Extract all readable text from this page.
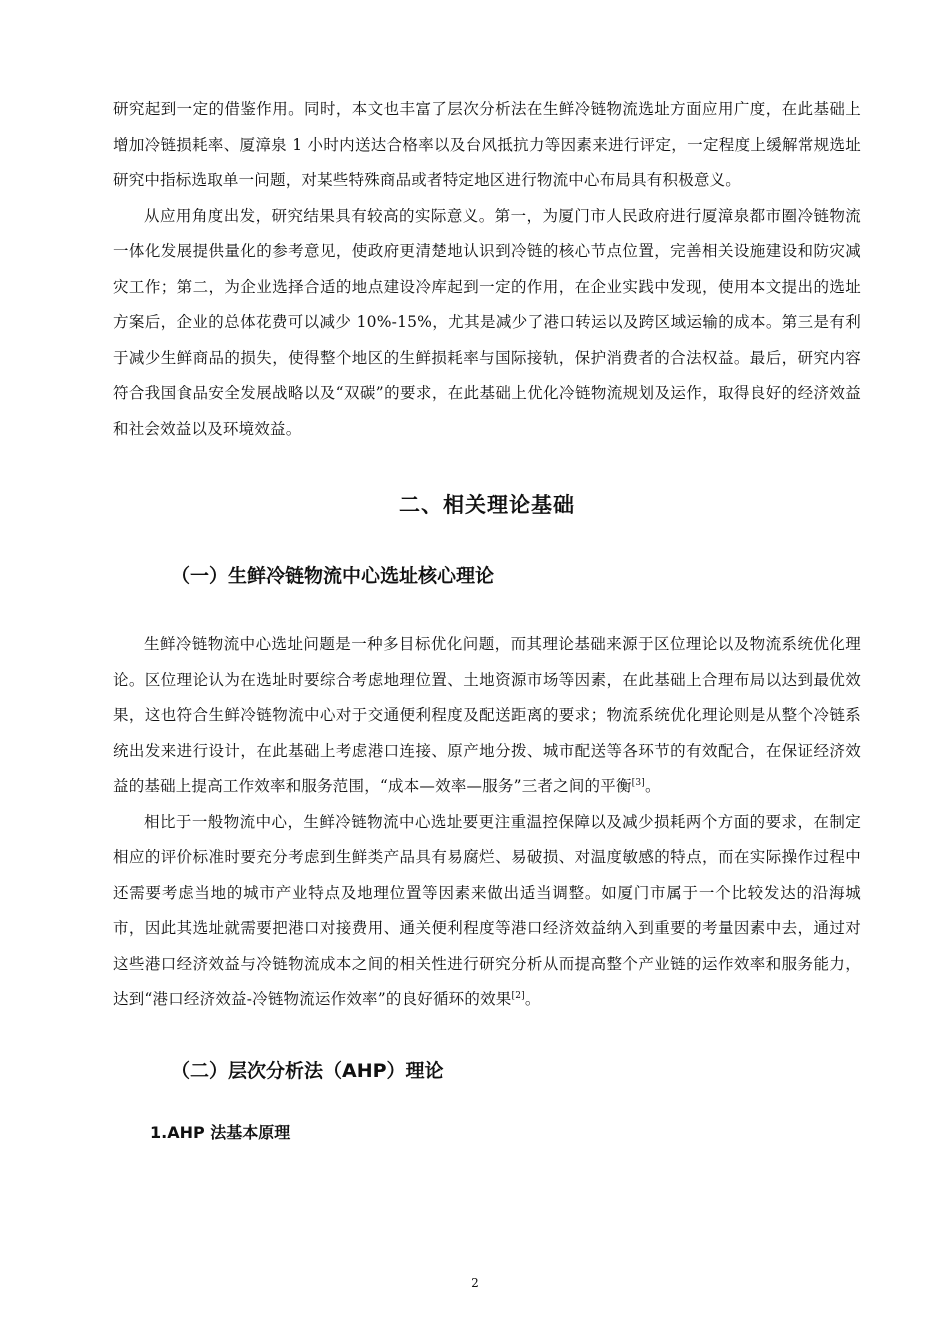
研究起到一定的借鉴作用。同时，本文也丰富了层次分析法在生鲜冷链物流选址方面应用广度，在此基础上增加冷链损耗率、厦漳泉 1 小时内送达合格率以及台风抵抗力等因素来进行评定，一定程度上缓解常规选址研究中指标选取单一问题，对某些特殊商品或者特定地区进行物流中心布局具有积极意义。

从应用角度出发，研究结果具有较高的实际意义。第一，为厦门市人民政府进行厦漳泉都市圈冷链物流一体化发展提供量化的参考意见，使政府更清楚地认识到冷链的核心节点位置，完善相关设施建设和防灾减灾工作；第二，为企业选择合适的地点建设冷库起到一定的作用，在企业实践中发现，使用本文提出的选址方案后，企业的总体花费可以减少 10%-15%，尤其是减少了港口转运以及跨区域运输的成本。第三是有利于减少生鲜商品的损失，使得整个地区的生鲜损耗率与国际接轨，保护消费者的合法权益。最后，研究内容符合我国食品安全发展战略以及“双碳”的要求，在此基础上优化冷链物流规划及运作，取得良好的经济效益和社会效益以及环境效益。

二、相关理论基础
（一）生鲜冷链物流中心选址核心理论

生鲜冷链物流中心选址问题是一种多目标优化问题，而其理论基础来源于区位理论以及物流系统优化理论。区位理论认为在选址时要综合考虑地理位置、土地资源市场等因素，在此基础上合理布局以达到最优效果，这也符合生鲜冷链物流中心对于交通便利程度及配送距离的要求；物流系统优化理论则是从整个冷链系统出发来进行设计，在此基础上考虑港口连接、原产地分拨、城市配送等各环节的有效配合，在保证经济效益的基础上提高工作效率和服务范围，“成本—效率—服务”三者之间的平衡[3]。

相比于一般物流中心，生鲜冷链物流中心选址要更注重温控保障以及减少损耗两个方面的要求，在制定相应的评价标准时要充分考虑到生鲜类产品具有易腐烂、易破损、对温度敏感的特点，而在实际操作过程中还需要考虑当地的城市产业特点及地理位置等因素来做出适当调整。如厦门市属于一个比较发达的沿海城市，因此其选址就需要把港口对接费用、通关便利程度等港口经济效益纳入到重要的考量因素中去，通过对这些港口经济效益与冷链物流成本之间的相关性进行研究分析从而提高整个产业链的运作效率和服务能力，达到“港口经济效益-冷链物流运作效率”的良好循环的效果[2]。

（二）层次分析法（AHP）理论
1.AHP 法基本原理
2
